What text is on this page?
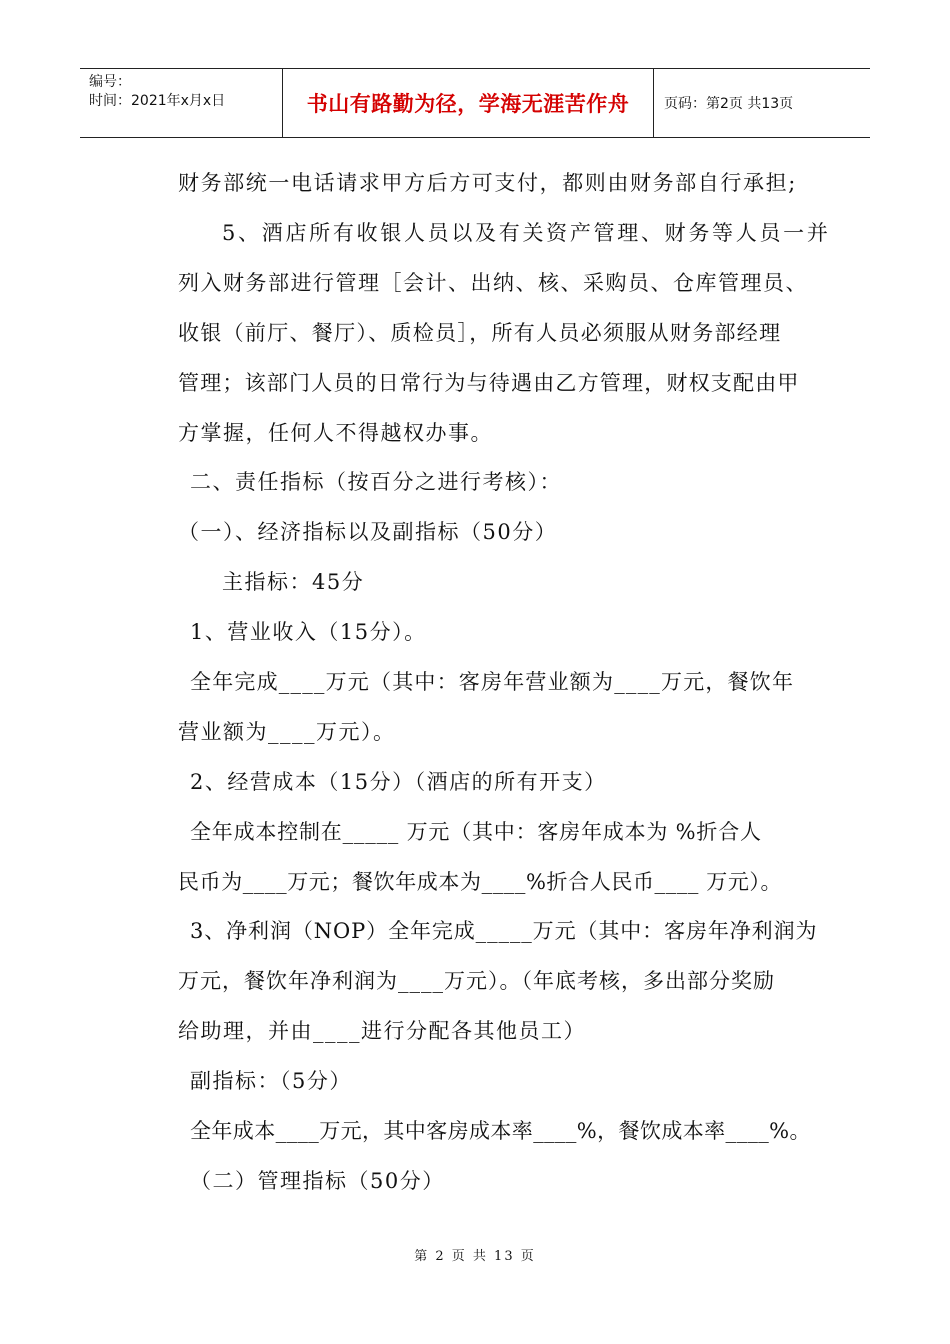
编号：
时间：2021年x月x日	书山有路勤为径，学海无涯苦作舟	页码：第2页 共13页
财务部统一电话请求甲方后方可支付，都则由财务部自行承担;
5、酒店所有收银人员以及有关资产管理、财务等人员一并
列入财务部进行管理［会计、出纳、核、采购员、仓库管理员、
收银（前厅、餐厅）、质检员］，所有人员必须服从财务部经理
管理；该部门人员的日常行为与待遇由乙方管理，财权支配由甲
方掌握，任何人不得越权办事。
二、责任指标（按百分之进行考核）：
（一）、经济指标以及副指标（50分）
主指标：45分
1、营业收入（15分）。
全年完成____万元（其中：客房年营业额为____万元，餐饮年
营业额为____万元）。
2、经营成本（15分）（酒店的所有开支）
全年成本控制在_____ 万元（其中：客房年成本为 %折合人
民币为____万元；餐饮年成本为____%折合人民币____ 万元）。
3、净利润（NOP）全年完成_____万元（其中：客房年净利润为
万元，餐饮年净利润为____万元）。（年底考核，多出部分奖励
给助理，并由____进行分配各其他员工）
副指标：（5分）
全年成本____万元，其中客房成本率____%，餐饮成本率____%。
（二）管理指标（50分）
第 2 页 共 13 页
